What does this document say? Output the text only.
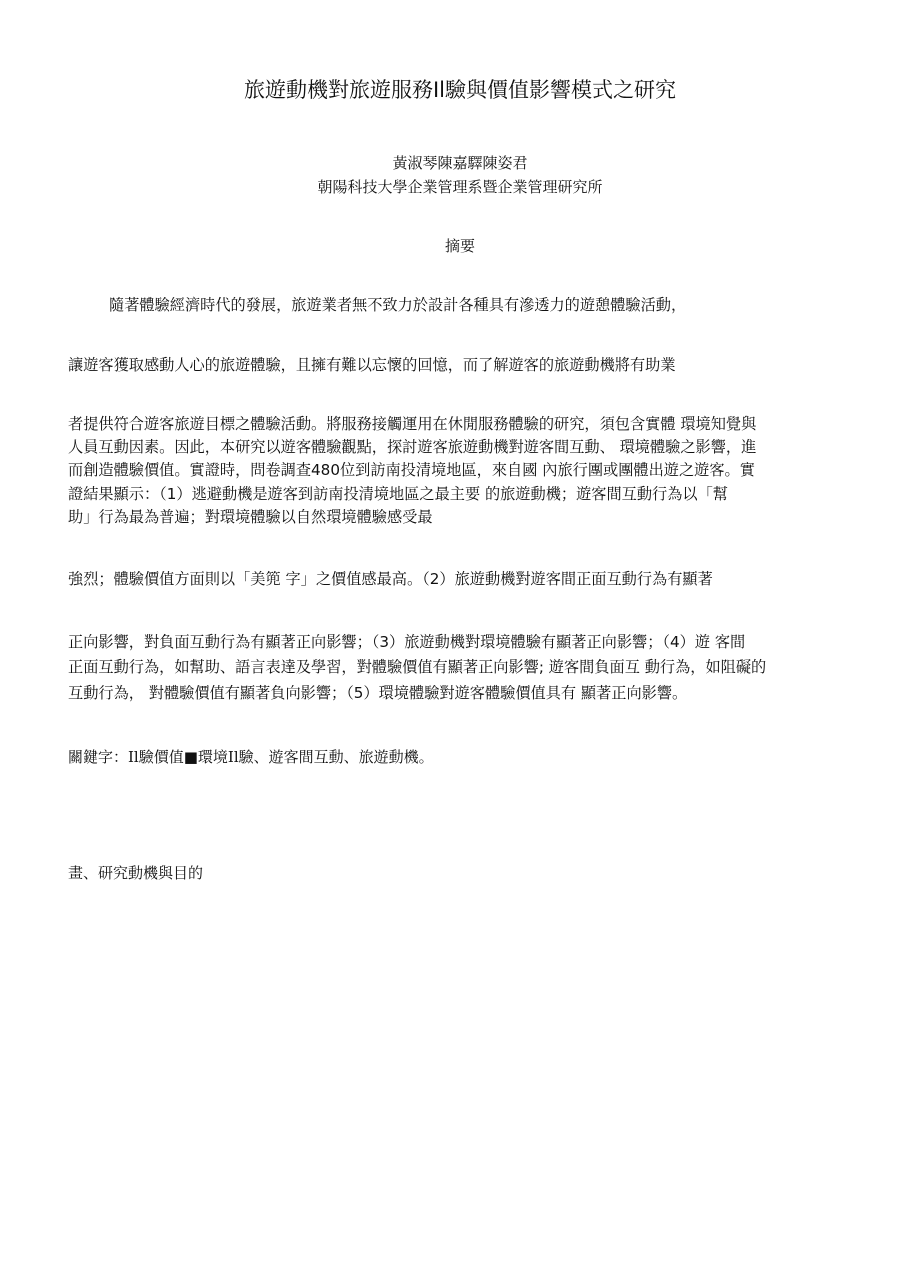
旅遊動機對旅遊服務Il驗與價值影響模式之研究
黃淑琴陳嘉驛陳姿君
朝陽科技大學企業管理系暨企業管理研究所
摘要
隨著體驗經濟時代的發展，旅遊業者無不致力於設計各種具有滲透力的遊憩體驗活動，
讓遊客獲取感動人心的旅遊體驗，且擁有難以忘懷的回憶，而了解遊客的旅遊動機將有助業
者提供符合遊客旅遊目標之體驗活動。將服務接觸運用在休閒服務體驗的研究，須包含實體 環境知覺與
人員互動因素。因此，本研究以遊客體驗觀點，探討遊客旅遊動機對遊客間互動、 環境體驗之影響，進
而創造體驗價值。實證時，問卷調查480位到訪南投清境地區，來自國 內旅行團或團體出遊之遊客。實
證結果顯示：（1）逃避動機是遊客到訪南投清境地區之最主要 的旅遊動機；遊客間互動行為以「幫
助」行為最為普遍；對環境體驗以自然環境體驗感受最
強烈；體驗價值方面則以「美篼 字」之價值感最高。（2）旅遊動機對遊客間正面互動行為有顯著
正向影響，對負面互動行為有顯著正向影響；（3）旅遊動機對環境體驗有顯著正向影響；（4）遊 客間
正面互動行為，如幫助、語言表達及學習，對體驗價值有顯著正向影響; 遊客間負面互 動行為，如阻礙的
互動行為， 對體驗價值有顯著負向影響；（5）環境體驗對遊客體驗價值具有 顯著正向影響。
關鍵字：Il驗價值■環境Il驗、遊客間互動、旅遊動機。
畫、研究動機與目的
